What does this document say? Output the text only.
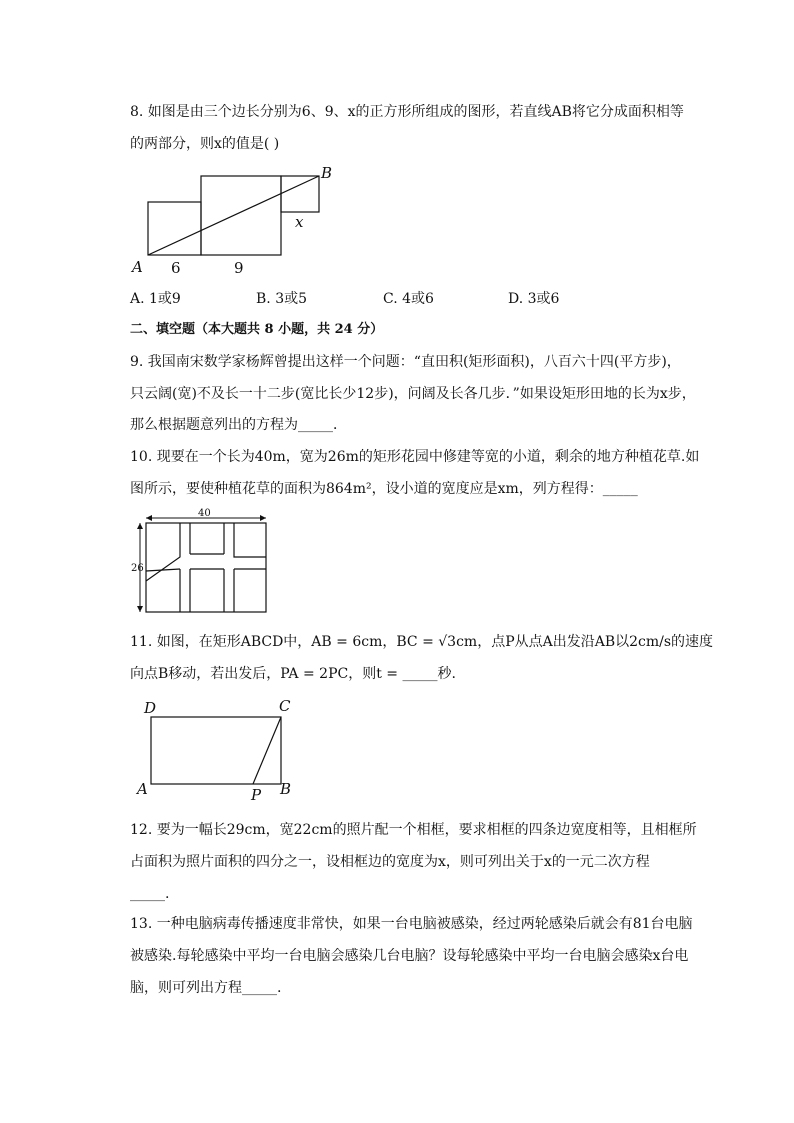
8. 如图是由三个边长分别为6、9、x的正方形所组成的图形，若直线AB将它分成面积相等
的两部分，则x的值是( )
A
B
6	9
x
A. 1或9	B. 3或5	C. 4或6	D. 3或6
二、填空题（本大题共 8 小题，共 24 分）
9. 我国南宋数学家杨辉曾提出这样一个问题：“直田积(矩形面积)，八百六十四(平方步)，
只云阔(宽)不及长一十二步(宽比长少12步)，问阔及长各几步．”如果设矩形田地的长为x步，
那么根据题意列出的方程为_____．
10. 现要在一个长为40m，宽为26m的矩形花园中修建等宽的小道，剩余的地方种植花草.如
图所示，要使种植花草的面积为864m²，设小道的宽度应是xm，列方程得：_____
40
26
11. 如图，在矩形ABCD中，AB = 6cm，BC = √3cm，点P从点A出发沿AB以2cm/s的速度
向点B移动，若出发后，PA = 2PC，则t = _____秒.
D	C
A	P B
12. 要为一幅长29cm，宽22cm的照片配一个相框，要求相框的四条边宽度相等，且相框所
占面积为照片面积的四分之一，设相框边的宽度为x，则可列出关于x的一元二次方程
_____.
13. 一种电脑病毒传播速度非常快，如果一台电脑被感染，经过两轮感染后就会有81台电脑
被感染.每轮感染中平均一台电脑会感染几台电脑？设每轮感染中平均一台电脑会感染x台电
脑，则可列出方程_____.
